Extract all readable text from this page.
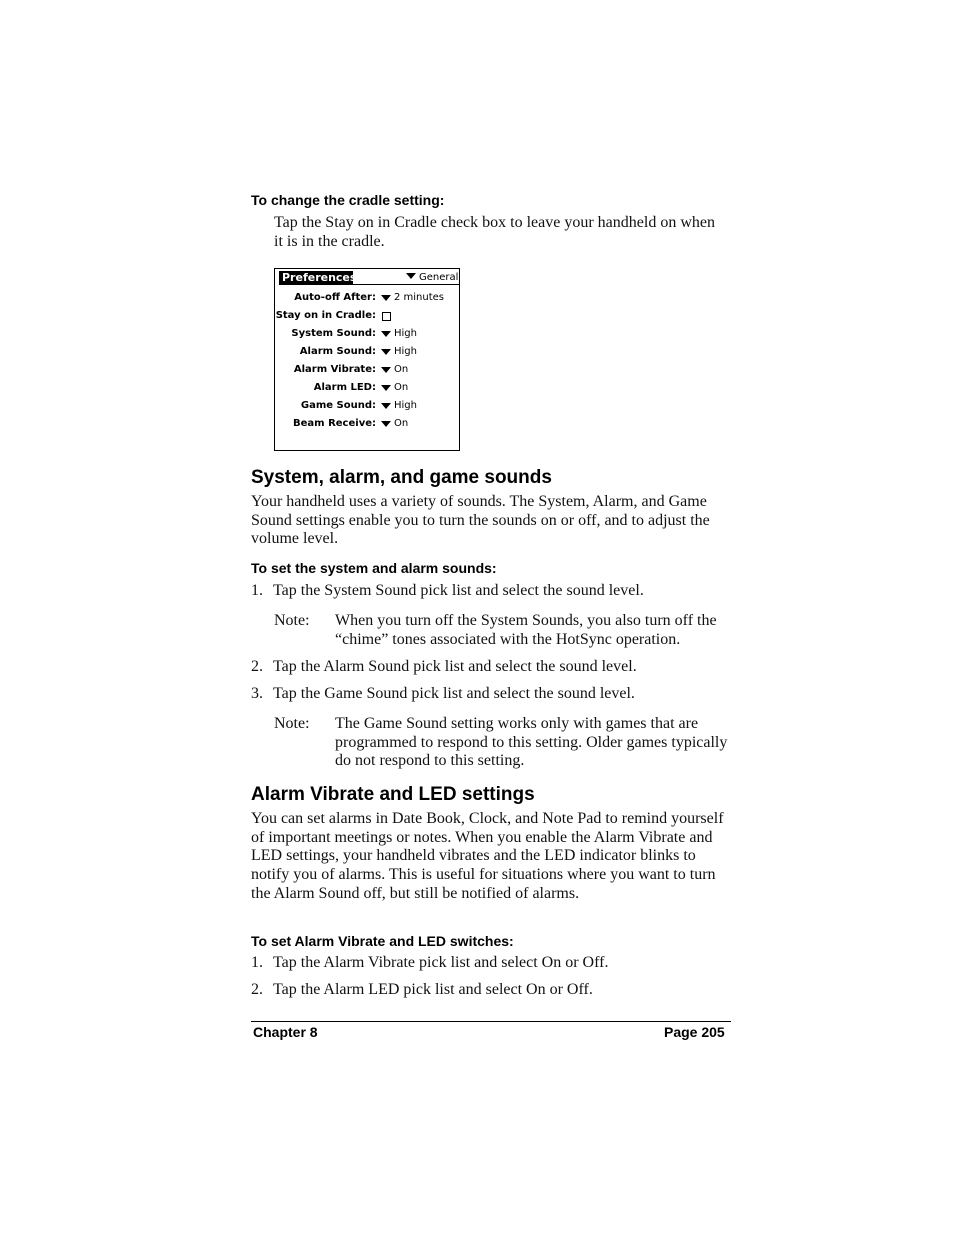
To change the cradle setting:
Tap the Stay on in Cradle check box to leave your handheld on when it is in the cradle.
Preferences	General
Auto-off After: 2 minutes
Stay on in Cradle:
System Sound: High
Alarm Sound: High
Alarm Vibrate: On
Alarm LED: On
Game Sound: High
Beam Receive: On
System, alarm, and game sounds
Your handheld uses a variety of sounds. The System, Alarm, and Game Sound settings enable you to turn the sounds on or off, and to adjust the volume level.
To set the system and alarm sounds:
1. Tap the System Sound pick list and select the sound level.
Note: When you turn off the System Sounds, you also turn off the “chime” tones associated with the HotSync operation.
2. Tap the Alarm Sound pick list and select the sound level.
3. Tap the Game Sound pick list and select the sound level.
Note: The Game Sound setting works only with games that are programmed to respond to this setting. Older games typically do not respond to this setting.
Alarm Vibrate and LED settings
You can set alarms in Date Book, Clock, and Note Pad to remind yourself of important meetings or notes. When you enable the Alarm Vibrate and LED settings, your handheld vibrates and the LED indicator blinks to notify you of alarms. This is useful for situations where you want to turn the Alarm Sound off, but still be notified of alarms.
To set Alarm Vibrate and LED switches:
1. Tap the Alarm Vibrate pick list and select On or Off.
2. Tap the Alarm LED pick list and select On or Off.
Chapter 8	Page 205
